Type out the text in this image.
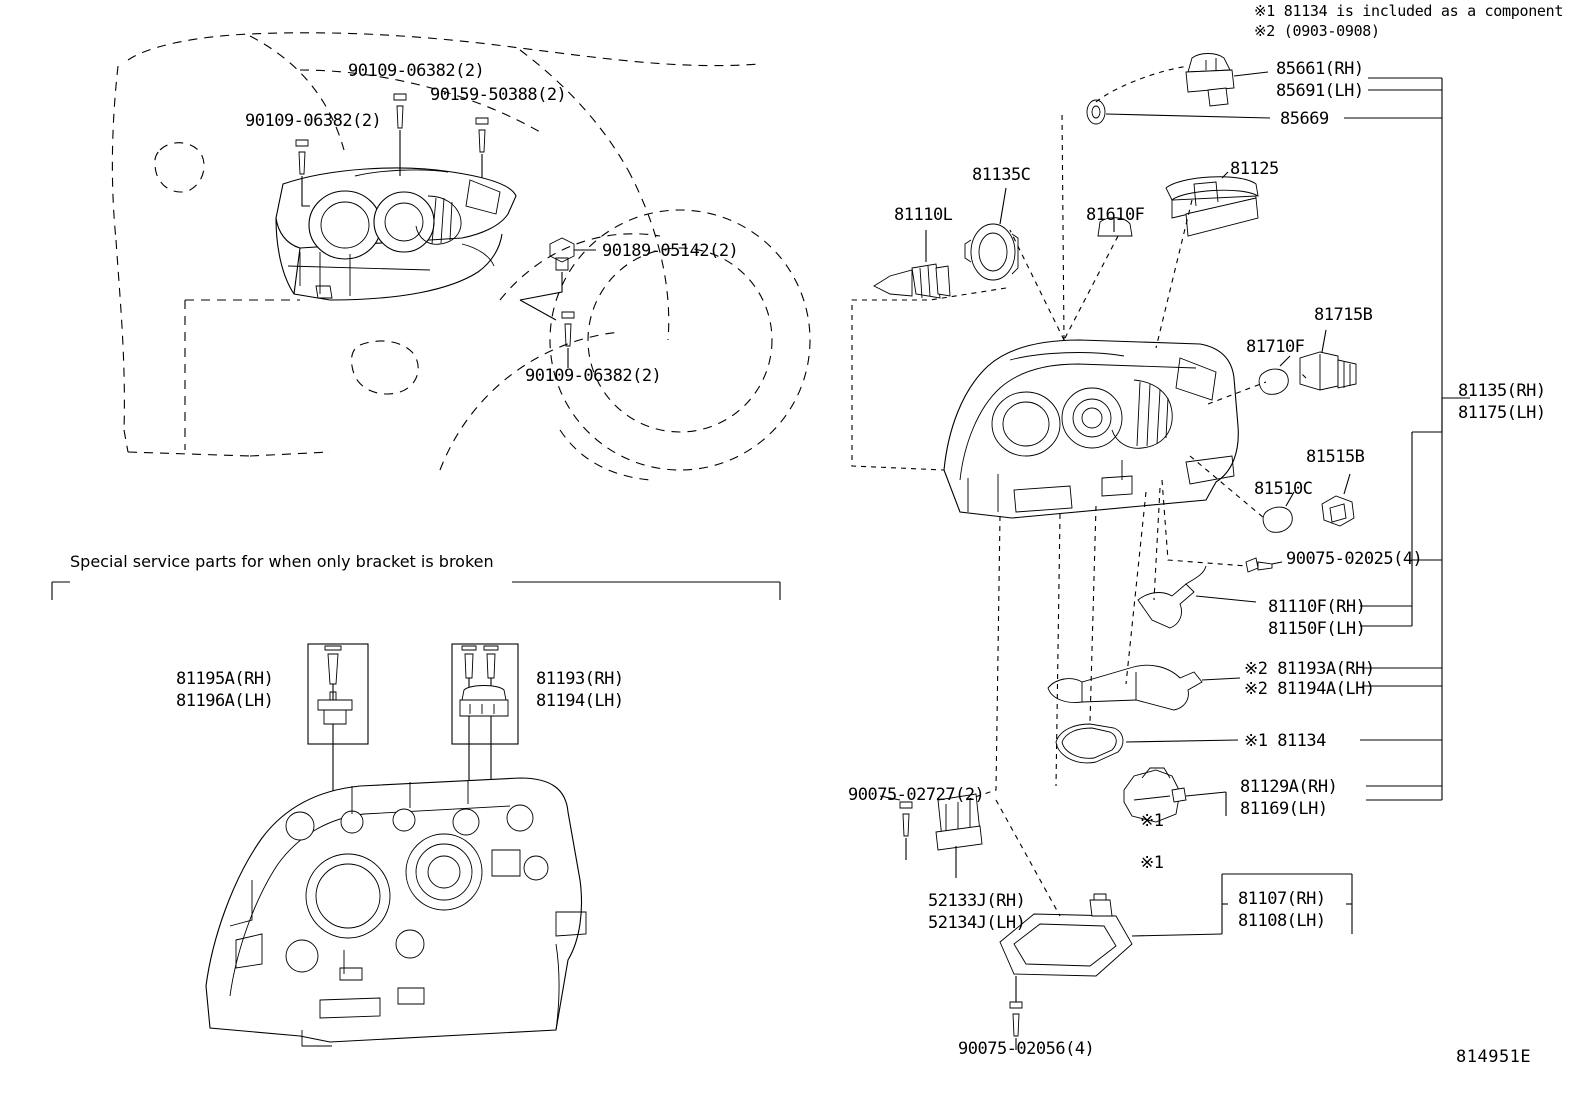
※1 81134 is included as a component
※2 (0903-0908)
90109-06382(2)
90159-50388(2)
90109-06382(2)
90189-05142(2)
90109-06382(2)
Special service parts for when only bracket is broken
81195A(RH)
81196A(LH)
81193(RH)
81194(LH)
85661(RH)
85691(LH)
85669
81135C	81125
81110L	81610F
81715B
81710F
81135(RH)
81175(LH)
81515B
81510C
90075-02025(4)
81110F(RH)
81150F(LH)
※2 81193A(RH)
※2 81194A(LH)
※1 81134
81129A(RH)
81169(LH)
※1
※1
90075-02727(2)
52133J(RH)
52134J(LH)
81107(RH)
81108(LH)
90075-02056(4)	814951E
